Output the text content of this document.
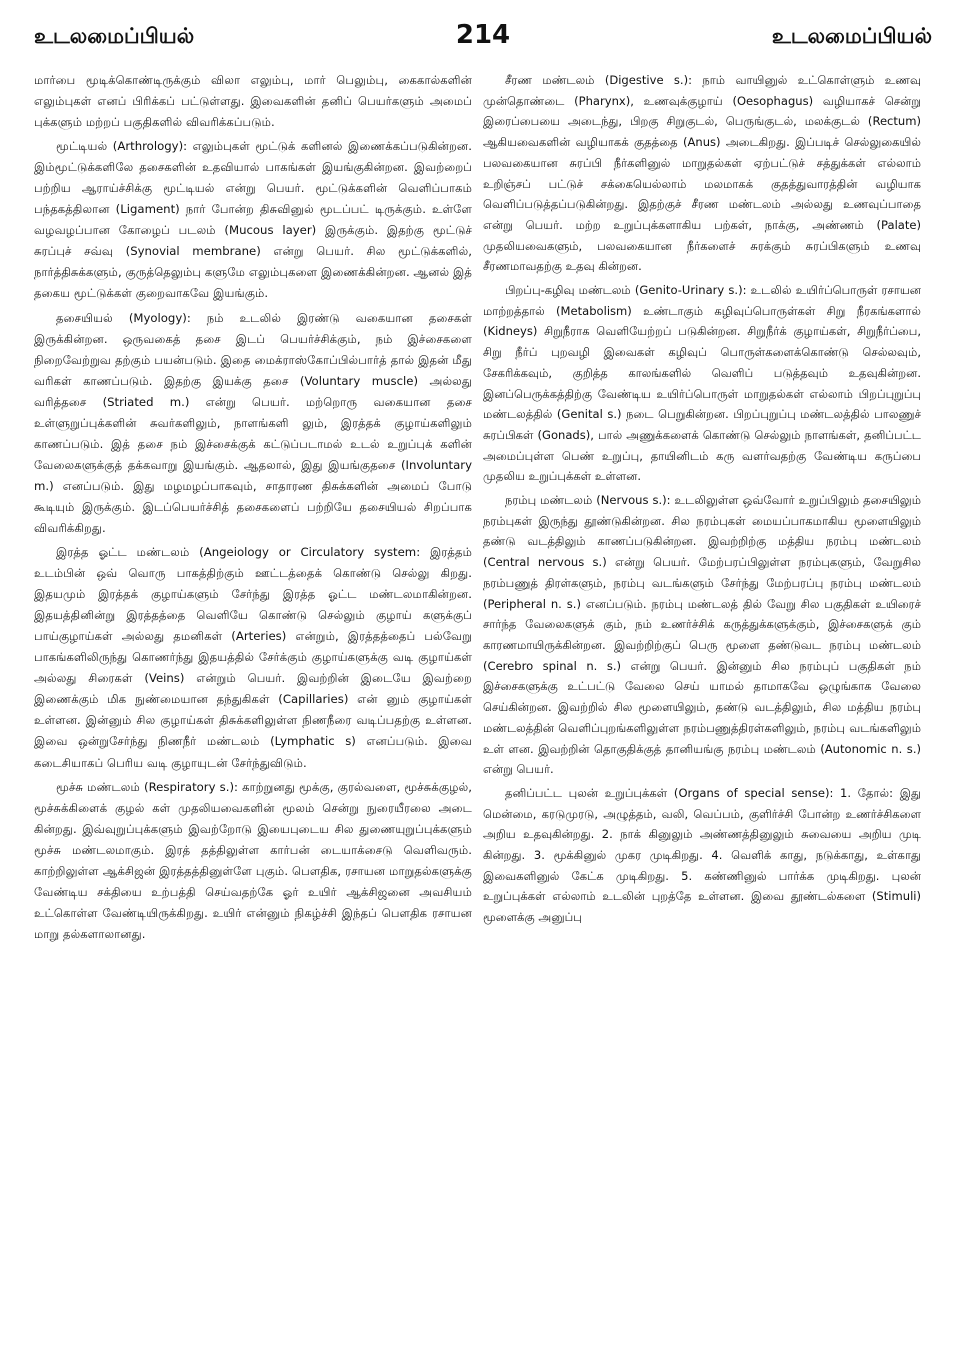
உடலமைப்பியல்	214	உடலமைப்பியல்

மார்பை மூடிக்கொண்டிருக்கும் விலா எலும்பு, மார் பெலும்பு, கைகால்களின் எலும்புகள் எனப் பிரிக்கப் பட்டுள்ளது. இவைகளின் தனிப் பெயர்களும் அமைப் புக்களும் மற்றப் பகுதிகளில் விவரிக்கப்படும்.

மூட்டியல் (Arthrology): எலும்புகள் மூட்டுக் களினல் இணைக்கப்படுகின்றன. இம்மூட்டுக்களிலே தசைகளின் உதவியால் பாகங்கள் இயங்குகின்றன. இவற்றைப் பற்றிய ஆராய்ச்சிக்கு மூட்டியல் என்று பெயர். மூட்டுக்களின் வெளிப்பாகம் பந்தகத்திலான (Ligament) நார் போன்ற திசுவினுல் மூடப்பட் டிருக்கும். உள்ளே வழவழப்பான கோழைப் படலம் (Mucous layer) இருக்கும். இதற்கு மூட்டுச் சுரப்புச் சவ்வு (Synovial membrane) என்று பெயர். சில மூட்டுக்களில், நார்த்திசுக்களும், குருத்தெலும்பு களுமே எலும்புகளை இணைக்கின்றன. ஆனல் இத் தகைய மூட்டுக்கள் குறைவாகவே இயங்கும்.

தசையியல் (Myology): நம் உடலில் இரண்டு வகையான தசைகள் இருக்கின்றன. ஒருவகைத் தசை இடப் பெயர்ச்சிக்கும், நம் இச்சைகளை நிறைவேற்றுவ தற்கும் பயன்படும். இதை மைக்ராஸ்கோப்பில்பார்த் தால் இதன் மீது வரிகள் காணப்படும். இதற்கு இயக்கு தசை (Voluntary muscle) அல்லது வரித்தசை (Striated m.) என்று பெயர். மற்றொரு வகையான தசை உள்ளுறுப்புக்களின் சுவர்களிலும், நாளங்களி லும், இரத்தக் குழாய்களிலும் காணப்படும். இத் தசை நம் இச்சைக்குக் கட்டுப்படாமல் உடல் உறுப்புக் களின் வேலைகளுக்குத் தக்கவாறு இயங்கும். ஆதலால், இது இயங்குதசை (Involuntary m.) எனப்படும். இது மழமழப்பாகவும், சாதாரண திசுக்களின் அமைப் போடு கூடியும் இருக்கும். இடப்பெயர்ச்சித் தசைகளைப் பற்றியே தசையியல் சிறப்பாக விவரிக்கிறது.

இரத்த ஓட்ட மண்டலம் (Angeiology or Circulatory system: இரத்தம் உடம்பின் ஒவ் வொரு பாகத்திற்கும் ஊட்டத்தைக் கொண்டு செல்லு கிறது. இதயமும் இரத்தக் குழாய்களும் சேர்ந்து இரத்த ஓட்ட மண்டலமாகின்றன. இதயத்தினின்று இரத்தத்தை வெளியே கொண்டு செல்லும் குழாய் களுக்குப் பாய்குழாய்கள் அல்லது தமனிகள் (Arteries) என்றும், இரத்தத்தைப் பல்வேறு பாகங்களிலிருந்து கொணர்ந்து இதயத்தில் சேர்க்கும் குழாய்களுக்கு வடி குழாய்கள் அல்லது சிரைகள் (Veins) என்றும் பெயர். இவற்றின் இடையே இவற்றை இணைக்கும் மிக நுண்மையான தந்துகிகள் (Capillaries) என் னும் குழாய்கள் உள்ளன. இன்னும் சில குழாய்கள் திசுக்களிலுள்ள நிணநீரை வடிப்பதற்கு உள்ளன. இவை ஒன்றுசேர்ந்து நிணநீர் மண்டலம் (Lymphatic s) எனப்படும். இவை கடைசியாகப் பெரிய வடி குழாயுடன் சேர்ந்துவிடும்.

மூச்சு மண்டலம் (Respiratory s.): காற்றுனது மூக்கு, குரல்வளை, மூச்சுக்குழல், மூச்சுக்கிளைக் குழல் கள் முதலியவைகளின் மூலம் சென்று நுரையீரலை அடை கின்றது. இவ்வுறுப்புக்களும் இவற்றோடு இயைபுடைய சில துணையுறுப்புக்களும் மூச்சு மண்டலமாகும். இரத் தத்திலுள்ள கார்பன் டையாக்சைடு வெளிவரும். காற்றிலுள்ள ஆக்சிஜன் இரத்தத்தினுள்ளே புகும். பௌதிக, ரசாயன மாறுதல்களுக்கு வேண்டிய சக்தியை உற்பத்தி செய்வதற்கே ஓர் உயிர் ஆக்சிஜனை அவசியம் உட்கொள்ள வேண்டியிருக்கிறது. உயிர் என்னும் நிகழ்ச்சி இந்தப் பௌதிக ரசாயன மாறு தல்களாலானது.

சீரண மண்டலம் (Digestive s.): நாம் வாயினுல் உட்கொள்ளும் உணவு முன்தொண்டை (Pharynx), உணவுக்குழாய் (Oesophagus) வழியாகச் சென்று இரைப்பையை அடைந்து, பிறகு சிறுகுடல், பெருங்குடல், மலக்குடல் (Rectum) ஆகியவைகளின் வழியாகக் குதத்தை (Anus) அடைகிறது. இப்படிச் செல்லுகையில் பலவகையான சுரப்பி நீர்களினுல் மாறுதல்கள் ஏற்பட்டுச் சத்துக்கள் எல்லாம் உறிஞ்சப் பட்டுச் சக்கையெல்லாம் மலமாகக் குதத்துவாரத்தின் வழியாக வெளிப்படுத்தப்படுகின்றது. இதற்குச் சீரண மண்டலம் அல்லது உணவுப்பாதை என்று பெயர். மற்ற உறுப்புக்களாகிய பற்கள், நாக்கு, அண்ணம் (Palate) முதலியவைகளும், பலவகையான நீர்களைச் சுரக்கும் சுரப்பிகளும் உணவு சீரணமாவதற்கு உதவு கின்றன.

பிறப்பு-கழிவு மண்டலம் (Genito-Urinary s.): உடலில் உயிர்ப்பொருள் ரசாயன மாற்றத்தால் (Metabolism) உண்டாகும் கழிவுப்பொருள்கள் சிறு நீரகங்களால் (Kidneys) சிறுநீராக வெளியேற்றப் படுகின்றன. சிறுநீர்க் குழாய்கள், சிறுநீர்ப்பை, சிறு நீர்ப் புறவழி இவைகள் கழிவுப் பொருள்களைக்கொண்டு செல்லவும், சேகரிக்கவும், குறித்த காலங்களில் வெளிப் படுத்தவும் உதவுகின்றன. இனப்பெருக்கத்திற்கு வேண்டிய உயிர்ப்பொருள் மாறுதல்கள் எல்லாம் பிறப்புறுப்பு மண்டலத்தில் (Genital s.) நடை பெறுகின்றன. பிறப்புறுப்பு மண்டலத்தில் பாலணுச் சுரப்பிகள் (Gonads), பால் அணுக்களைக் கொண்டு செல்லும் நாளங்கள், தனிப்பட்ட அமைப்புள்ள பெண் உறுப்பு, தாயினிடம் கரு வளர்வதற்கு வேண்டிய கருப்பை முதலிய உறுப்புக்கள் உள்ளன.

நரம்பு மண்டலம் (Nervous s.): உடலிலுள்ள ஒவ்வோர் உறுப்பிலும் தசையிலும் நரம்புகள் இருந்து தூண்டுகின்றன. சில நரம்புகள் மையப்பாகமாகிய மூளையிலும் தண்டு வடத்திலும் காணப்படுகின்றன. இவற்றிற்கு மத்திய நரம்பு மண்டலம் (Central nervous s.) என்று பெயர். மேற்பரப்பிலுள்ள நரம்புகளும், வேறுசில நரம்பணுத் திரள்களும், நரம்பு வடங்களும் சேர்ந்து மேற்பரப்பு நரம்பு மண்டலம் (Peripheral n. s.) எனப்படும். நரம்பு மண்டலத் தில் வேறு சில பகுதிகள் உயிரைச் சார்ந்த வேலைகளுக் கும், நம் உணர்ச்சிக் கருத்துக்களுக்கும், இச்சைகளுக் கும் காரணமாயிருக்கின்றன. இவற்றிற்குப் பெரு மூளை தண்டுவட நரம்பு மண்டலம் (Cerebro spinal n. s.) என்று பெயர். இன்னும் சில நரம்புப் பகுதிகள் நம் இச்சைகளுக்கு உட்பட்டு வேலை செய் யாமல் தாமாகவே ஒழுங்காக வேலை செய்கின்றன. இவற்றில் சில மூளையிலும், தண்டு வடத்திலும், சில மத்திய நரம்பு மண்டலத்தின் வெளிப்புறங்களிலுள்ள நரம்பணுத்திரள்களிலும், நரம்பு வடங்களிலும் உள் ளன. இவற்றின் தொகுதிக்குத் தானியங்கு நரம்பு மண்டலம் (Autonomic n. s.) என்று பெயர்.

தனிப்பட்ட புலன் உறுப்புக்கள் (Organs of special sense): 1. தோல்: இது மென்மை, கரடுமுரடு, அழுத்தம், வலி, வெப்பம், குளிர்ச்சி போன்ற உணர்ச்சிகளை அறிய உதவுகின்றது. 2. நாக் கினுலும் அண்ணத்தினுலும் சுவையை அறிய முடி கின்றது. 3. மூக்கினுல் முகர முடிகிறது. 4. வெளிக் காது, நடுக்காது, உள்காது இவைகளினுல் கேட்க முடிகிறது. 5. கண்ணினுல் பார்க்க முடிகிறது. புலன் உறுப்புக்கள் எல்லாம் உடலின் புறத்தே உள்ளன. இவை தூண்டல்களை (Stimuli) மூளைக்கு அனுப்பு
